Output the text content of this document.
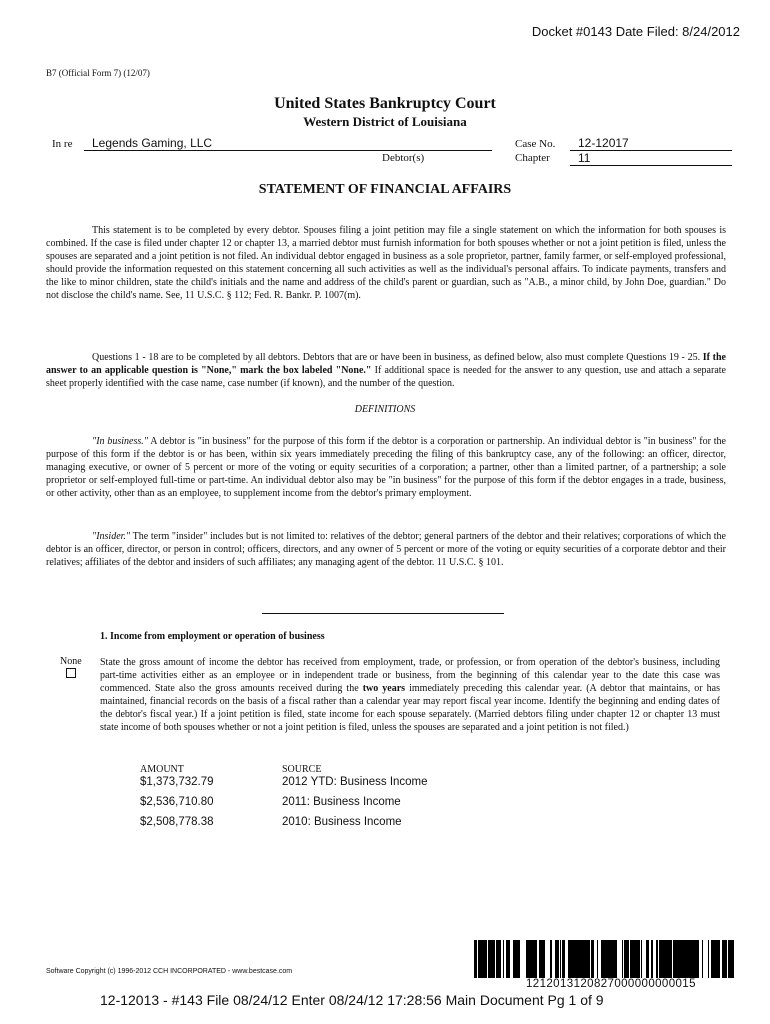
Docket #0143 Date Filed: 8/24/2012
B7 (Official Form 7) (12/07)
United States Bankruptcy Court
Western District of Louisiana
In re Legends Gaming, LLC
Debtor(s)
Case No. 12-12017
Chapter 11
STATEMENT OF FINANCIAL AFFAIRS
This statement is to be completed by every debtor. Spouses filing a joint petition may file a single statement on which the information for both spouses is combined. If the case is filed under chapter 12 or chapter 13, a married debtor must furnish information for both spouses whether or not a joint petition is filed, unless the spouses are separated and a joint petition is not filed. An individual debtor engaged in business as a sole proprietor, partner, family farmer, or self-employed professional, should provide the information requested on this statement concerning all such activities as well as the individual's personal affairs. To indicate payments, transfers and the like to minor children, state the child's initials and the name and address of the child's parent or guardian, such as "A.B., a minor child, by John Doe, guardian." Do not disclose the child's name. See, 11 U.S.C. § 112; Fed. R. Bankr. P. 1007(m).
Questions 1 - 18 are to be completed by all debtors. Debtors that are or have been in business, as defined below, also must complete Questions 19 - 25. If the answer to an applicable question is "None," mark the box labeled "None." If additional space is needed for the answer to any question, use and attach a separate sheet properly identified with the case name, case number (if known), and the number of the question.
DEFINITIONS
"In business." A debtor is "in business" for the purpose of this form if the debtor is a corporation or partnership. An individual debtor is "in business" for the purpose of this form if the debtor is or has been, within six years immediately preceding the filing of this bankruptcy case, any of the following: an officer, director, managing executive, or owner of 5 percent or more of the voting or equity securities of a corporation; a partner, other than a limited partner, of a partnership; a sole proprietor or self-employed full-time or part-time. An individual debtor also may be "in business" for the purpose of this form if the debtor engages in a trade, business, or other activity, other than as an employee, to supplement income from the debtor's primary employment.
"Insider." The term "insider" includes but is not limited to: relatives of the debtor; general partners of the debtor and their relatives; corporations of which the debtor is an officer, director, or person in control; officers, directors, and any owner of 5 percent or more of the voting or equity securities of a corporate debtor and their relatives; affiliates of the debtor and insiders of such affiliates; any managing agent of the debtor. 11 U.S.C. § 101.
1. Income from employment or operation of business
None State the gross amount of income the debtor has received from employment, trade, or profession, or from operation of the debtor's business, including part-time activities either as an employee or in independent trade or business, from the beginning of this calendar year to the date this case was commenced. State also the gross amounts received during the two years immediately preceding this calendar year. (A debtor that maintains, or has maintained, financial records on the basis of a fiscal rather than a calendar year may report fiscal year income. Identify the beginning and ending dates of the debtor's fiscal year.) If a joint petition is filed, state income for each spouse separately. (Married debtors filing under chapter 12 or chapter 13 must state income of both spouses whether or not a joint petition is filed, unless the spouses are separated and a joint petition is not filed.)
AMOUNT	SOURCE
$1,373,732.79	2012 YTD: Business Income
$2,536,710.80	2011: Business Income
$2,508,778.38	2010: Business Income
1212013120827000000000015
Software Copyright (c) 1996-2012 CCH INCORPORATED - www.bestcase.com
12-12013 - #143 File 08/24/12 Enter 08/24/12 17:28:56 Main Document Pg 1 of 9
